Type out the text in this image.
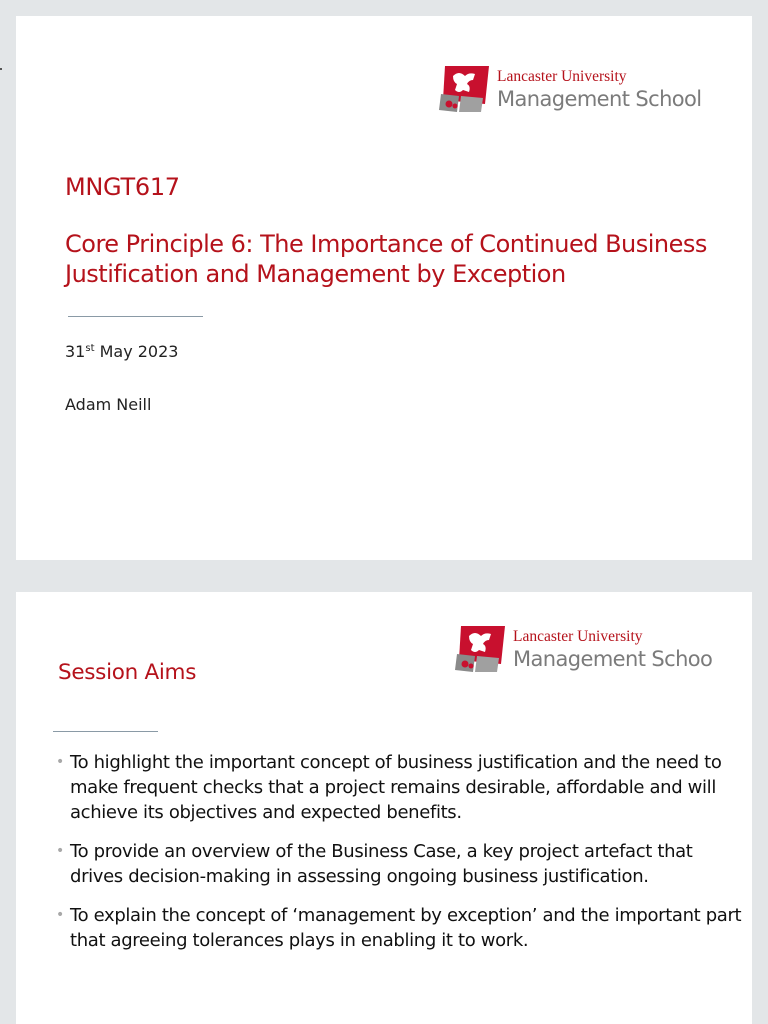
Lancaster University
Management School
MNGT617
Core Principle 6: The Importance of Continued Business Justification and Management by Exception
31st May 2023
Adam Neill
Lancaster University
Management Schoo
Session Aims
• To highlight the important concept of business justification and the need to make frequent checks that a project remains desirable, affordable and will achieve its objectives and expected benefits.
• To provide an overview of the Business Case, a key project artefact that drives decision-making in assessing ongoing business justification.
• To explain the concept of ‘management by exception’ and the important part that agreeing tolerances plays in enabling it to work.
